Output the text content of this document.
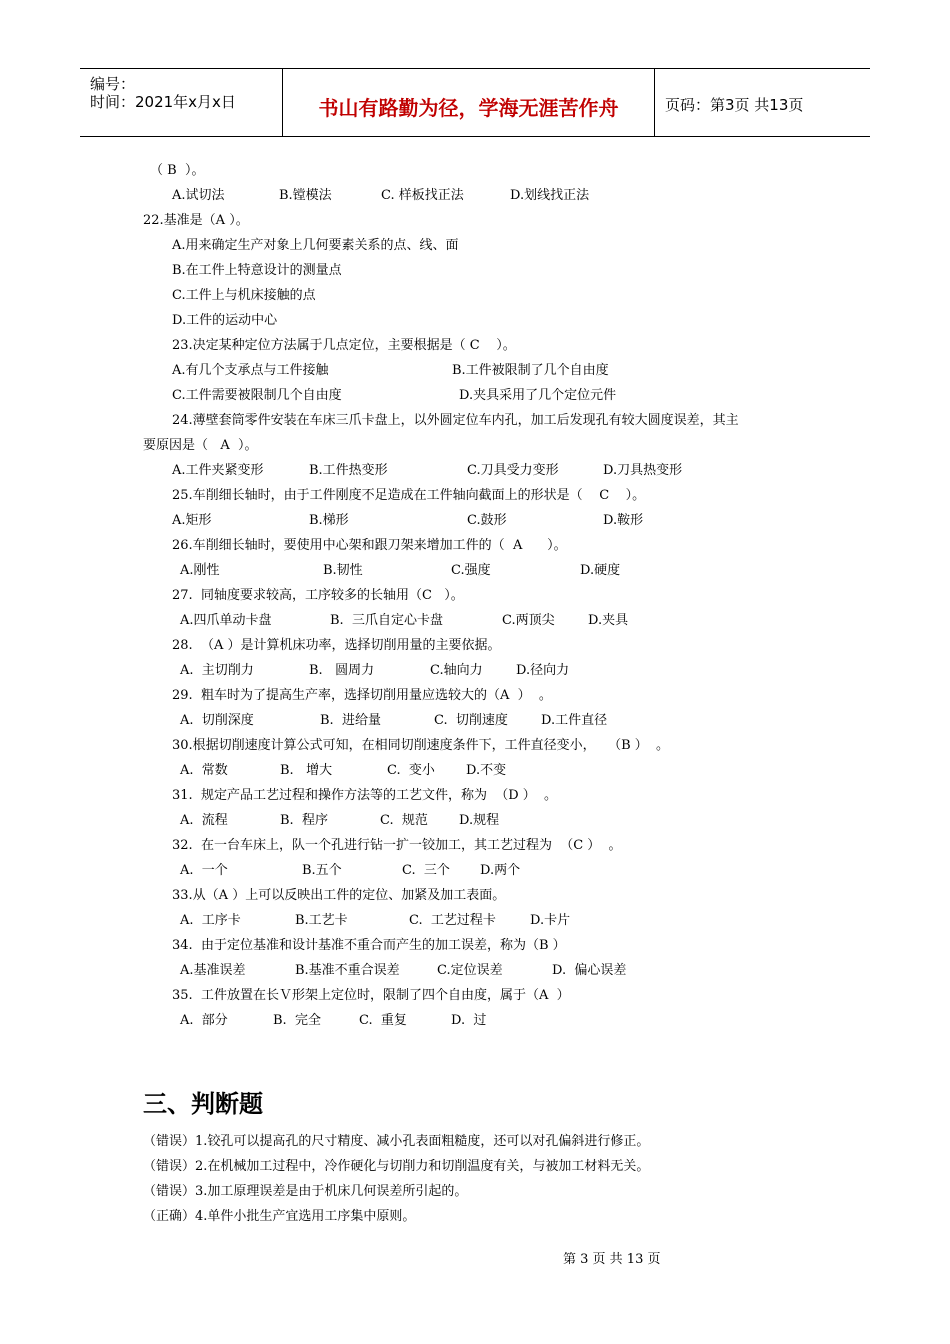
编号：
时间：2021年x月x日	书山有路勤为径，学海无涯苦作舟	页码：第3页 共13页
（ B  ）。
A.试切法	B.镗模法	C. 样板找正法	D.划线找正法
22.基准是（A ）。
A.用来确定生产对象上几何要素关系的点、线、面
B.在工件上特意设计的测量点
C.工件上与机床接触的点
D.工件的运动中心
23.决定某种定位方法属于几点定位，主要根据是（ C    ）。
A.有几个支承点与工件接触	B.工件被限制了几个自由度
C.工件需要被限制几个自由度	D.夹具采用了几个定位元件
24.薄壁套筒零件安装在车床三爪卡盘上，以外圆定位车内孔，加工后发现孔有较大圆度误差，其主
要原因是（   A  ）。
A.工件夹紧变形	B.工件热变形	C.刀具受力变形	D.刀具热变形
25.车削细长轴时，由于工件刚度不足造成在工件轴向截面上的形状是（    C    ）。
A.矩形	B.梯形	C.鼓形	D.鞍形
26.车削细长轴时，要使用中心架和跟刀架来增加工件的（  A      ）。
A.刚性	B.韧性	C.强度	D.硬度
27.  同轴度要求较高，工序较多的长轴用（C   ）。
A.四爪单动卡盘	B.  三爪自定心卡盘	C.两顶尖	D.夹具
28.  （A ）是计算机床功率，选择切削用量的主要依据。
A.  主切削力	B.   圆周力	C.轴向力	D.径向力
29.  粗车时为了提高生产率，选择切削用量应选较大的（A  ）  。
A.  切削深度	B.  进给量	C.  切削速度	D.工件直径
30.根据切削速度计算公式可知，在相同切削速度条件下，工件直径变小，   （B ）  。
A.  常数	B.   增大	C.  变小 D.不变
31.  规定产品工艺过程和操作方法等的工艺文件，称为  （D ）  。
A.  流程	B.  程序	C.  规范 D.规程
32.  在一台车床上，队一个孔进行钻一扩一铰加工，其工艺过程为  （C ）  。
A.  一个	B.五个	C.  三个 D.两个
33.从（A ）上可以反映出工件的定位、加紧及加工表面。
A.  工序卡	B.工艺卡	C.  工艺过程卡	D.卡片
34.  由于定位基准和设计基准不重合而产生的加工误差，称为（B ）
A.基准误差	B.基准不重合误差	C.定位误差	D.  偏心误差
35.  工件放置在长Ｖ形架上定位时，限制了四个自由度，属于（A  ）
A.  部分	B.  完全	C.  重复	D.  过
三、判断题
（错误）1.铰孔可以提高孔的尺寸精度、减小孔表面粗糙度，还可以对孔偏斜进行修正。
（错误）2.在机械加工过程中，冷作硬化与切削力和切削温度有关，与被加工材料无关。
（错误）3.加工原理误差是由于机床几何误差所引起的。
（正确）4.单件小批生产宜选用工序集中原则。
第 3 页 共 13 页
